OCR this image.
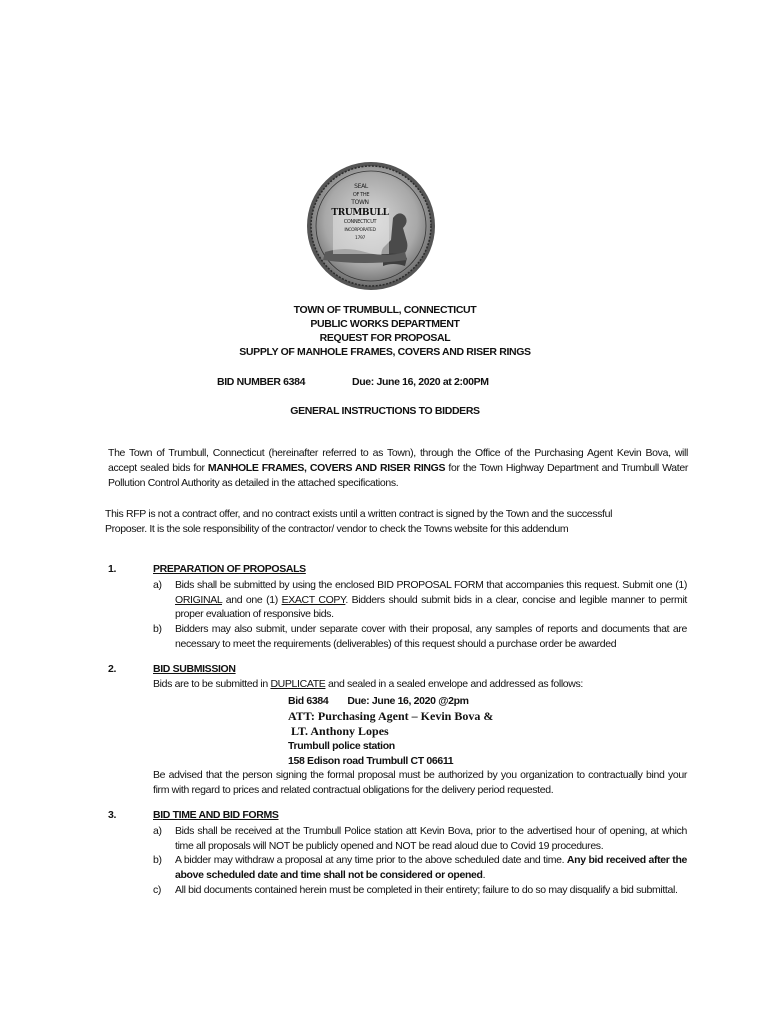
SEAL
OF THE
TOWN
TRUMBULL
CONNECTICUT
INCORPORATED
1797
TOWN OF TRUMBULL, CONNECTICUT
PUBLIC WORKS DEPARTMENT
REQUEST FOR PROPOSAL
SUPPLY OF MANHOLE FRAMES, COVERS AND RISER RINGS
BID NUMBER 6384	Due: June 16, 2020 at 2:00PM
GENERAL INSTRUCTIONS TO BIDDERS
The Town of Trumbull, Connecticut (hereinafter referred to as Town), through the Office of the Purchasing Agent Kevin Bova, will accept sealed bids for MANHOLE FRAMES, COVERS AND RISER RINGS for the Town Highway Department and Trumbull Water Pollution Control Authority as detailed in the attached specifications.
This RFP is not a contract offer, and no contract exists until a written contract is signed by the Town and the successful
Proposer. It is the sole responsibility of the contractor/ vendor to check the Towns website for this addendum
1.	PREPARATION OF PROPOSALS
a) Bids shall be submitted by using the enclosed BID PROPOSAL FORM that accompanies this request. Submit one (1) ORIGINAL and one (1) EXACT COPY. Bidders should submit bids in a clear, concise and legible manner to permit proper evaluation of responsive bids.
b) Bidders may also submit, under separate cover with their proposal, any samples of reports and documents that are necessary to meet the requirements (deliverables) of this request should a purchase order be awarded
2.	BID SUBMISSION
Bids are to be submitted in DUPLICATE and sealed in a sealed envelope and addressed as follows:
Bid 6384 Due: June 16, 2020 @2pm
ATT: Purchasing Agent – Kevin Bova &
LT. Anthony Lopes
Trumbull police station
158 Edison road Trumbull CT 06611
Be advised that the person signing the formal proposal must be authorized by you organization to contractually bind your firm with regard to prices and related contractual obligations for the delivery period requested.
3.	BID TIME AND BID FORMS
a) Bids shall be received at the Trumbull Police station att Kevin Bova, prior to the advertised hour of opening, at which time all proposals will NOT be publicly opened and NOT be read aloud due to Covid 19 procedures.
b) A bidder may withdraw a proposal at any time prior to the above scheduled date and time. Any bid received after the above scheduled date and time shall not be considered or opened.
c) All bid documents contained herein must be completed in their entirety; failure to do so may disqualify a bid submittal.
